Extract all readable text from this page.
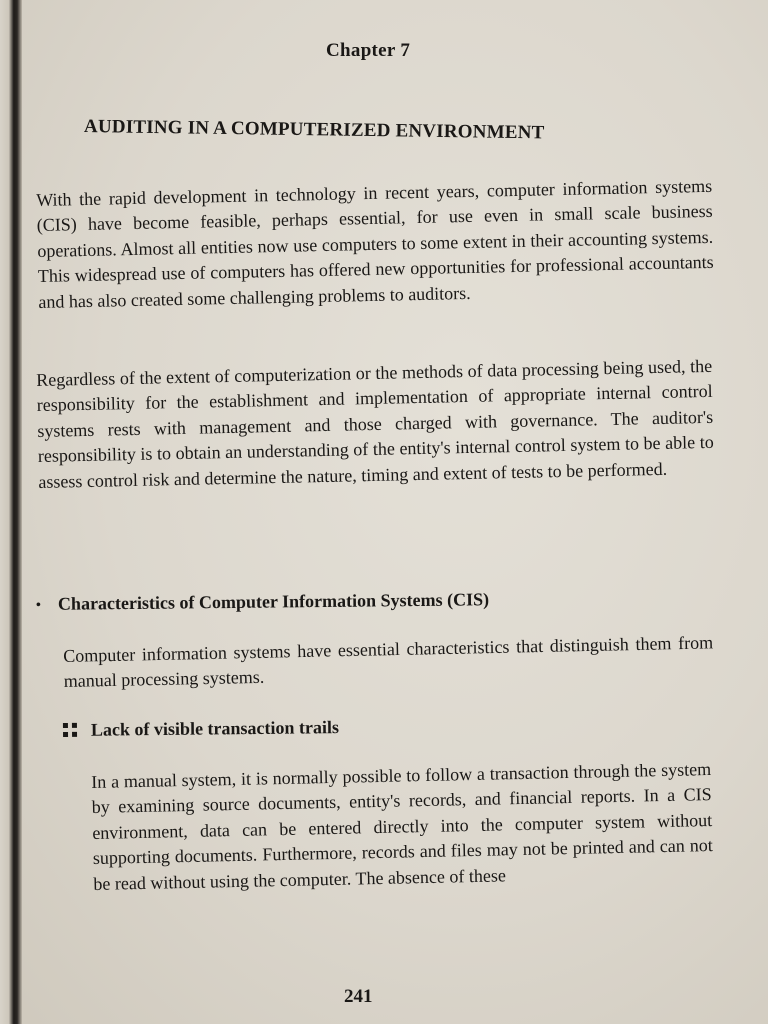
Chapter 7
AUDITING IN A COMPUTERIZED ENVIRONMENT
With the rapid development in technology in recent years, computer information systems (CIS) have become feasible, perhaps essential, for use even in small scale business operations. Almost all entities now use computers to some extent in their accounting systems. This widespread use of computers has offered new opportunities for professional accountants and has also created some challenging problems to auditors.
Regardless of the extent of computerization or the methods of data processing being used, the responsibility for the establishment and implementation of appropriate internal control systems rests with management and those charged with governance. The auditor's responsibility is to obtain an understanding of the entity's internal control system to be able to assess control risk and determine the nature, timing and extent of tests to be performed.
• Characteristics of Computer Information Systems (CIS)
Computer information systems have essential characteristics that distinguish them from manual processing systems.
Lack of visible transaction trails
In a manual system, it is normally possible to follow a transaction through the system by examining source documents, entity's records, and financial reports. In a CIS environment, data can be entered directly into the computer system without supporting documents. Furthermore, records and files may not be printed and can not be read without using the computer. The absence of these
241
